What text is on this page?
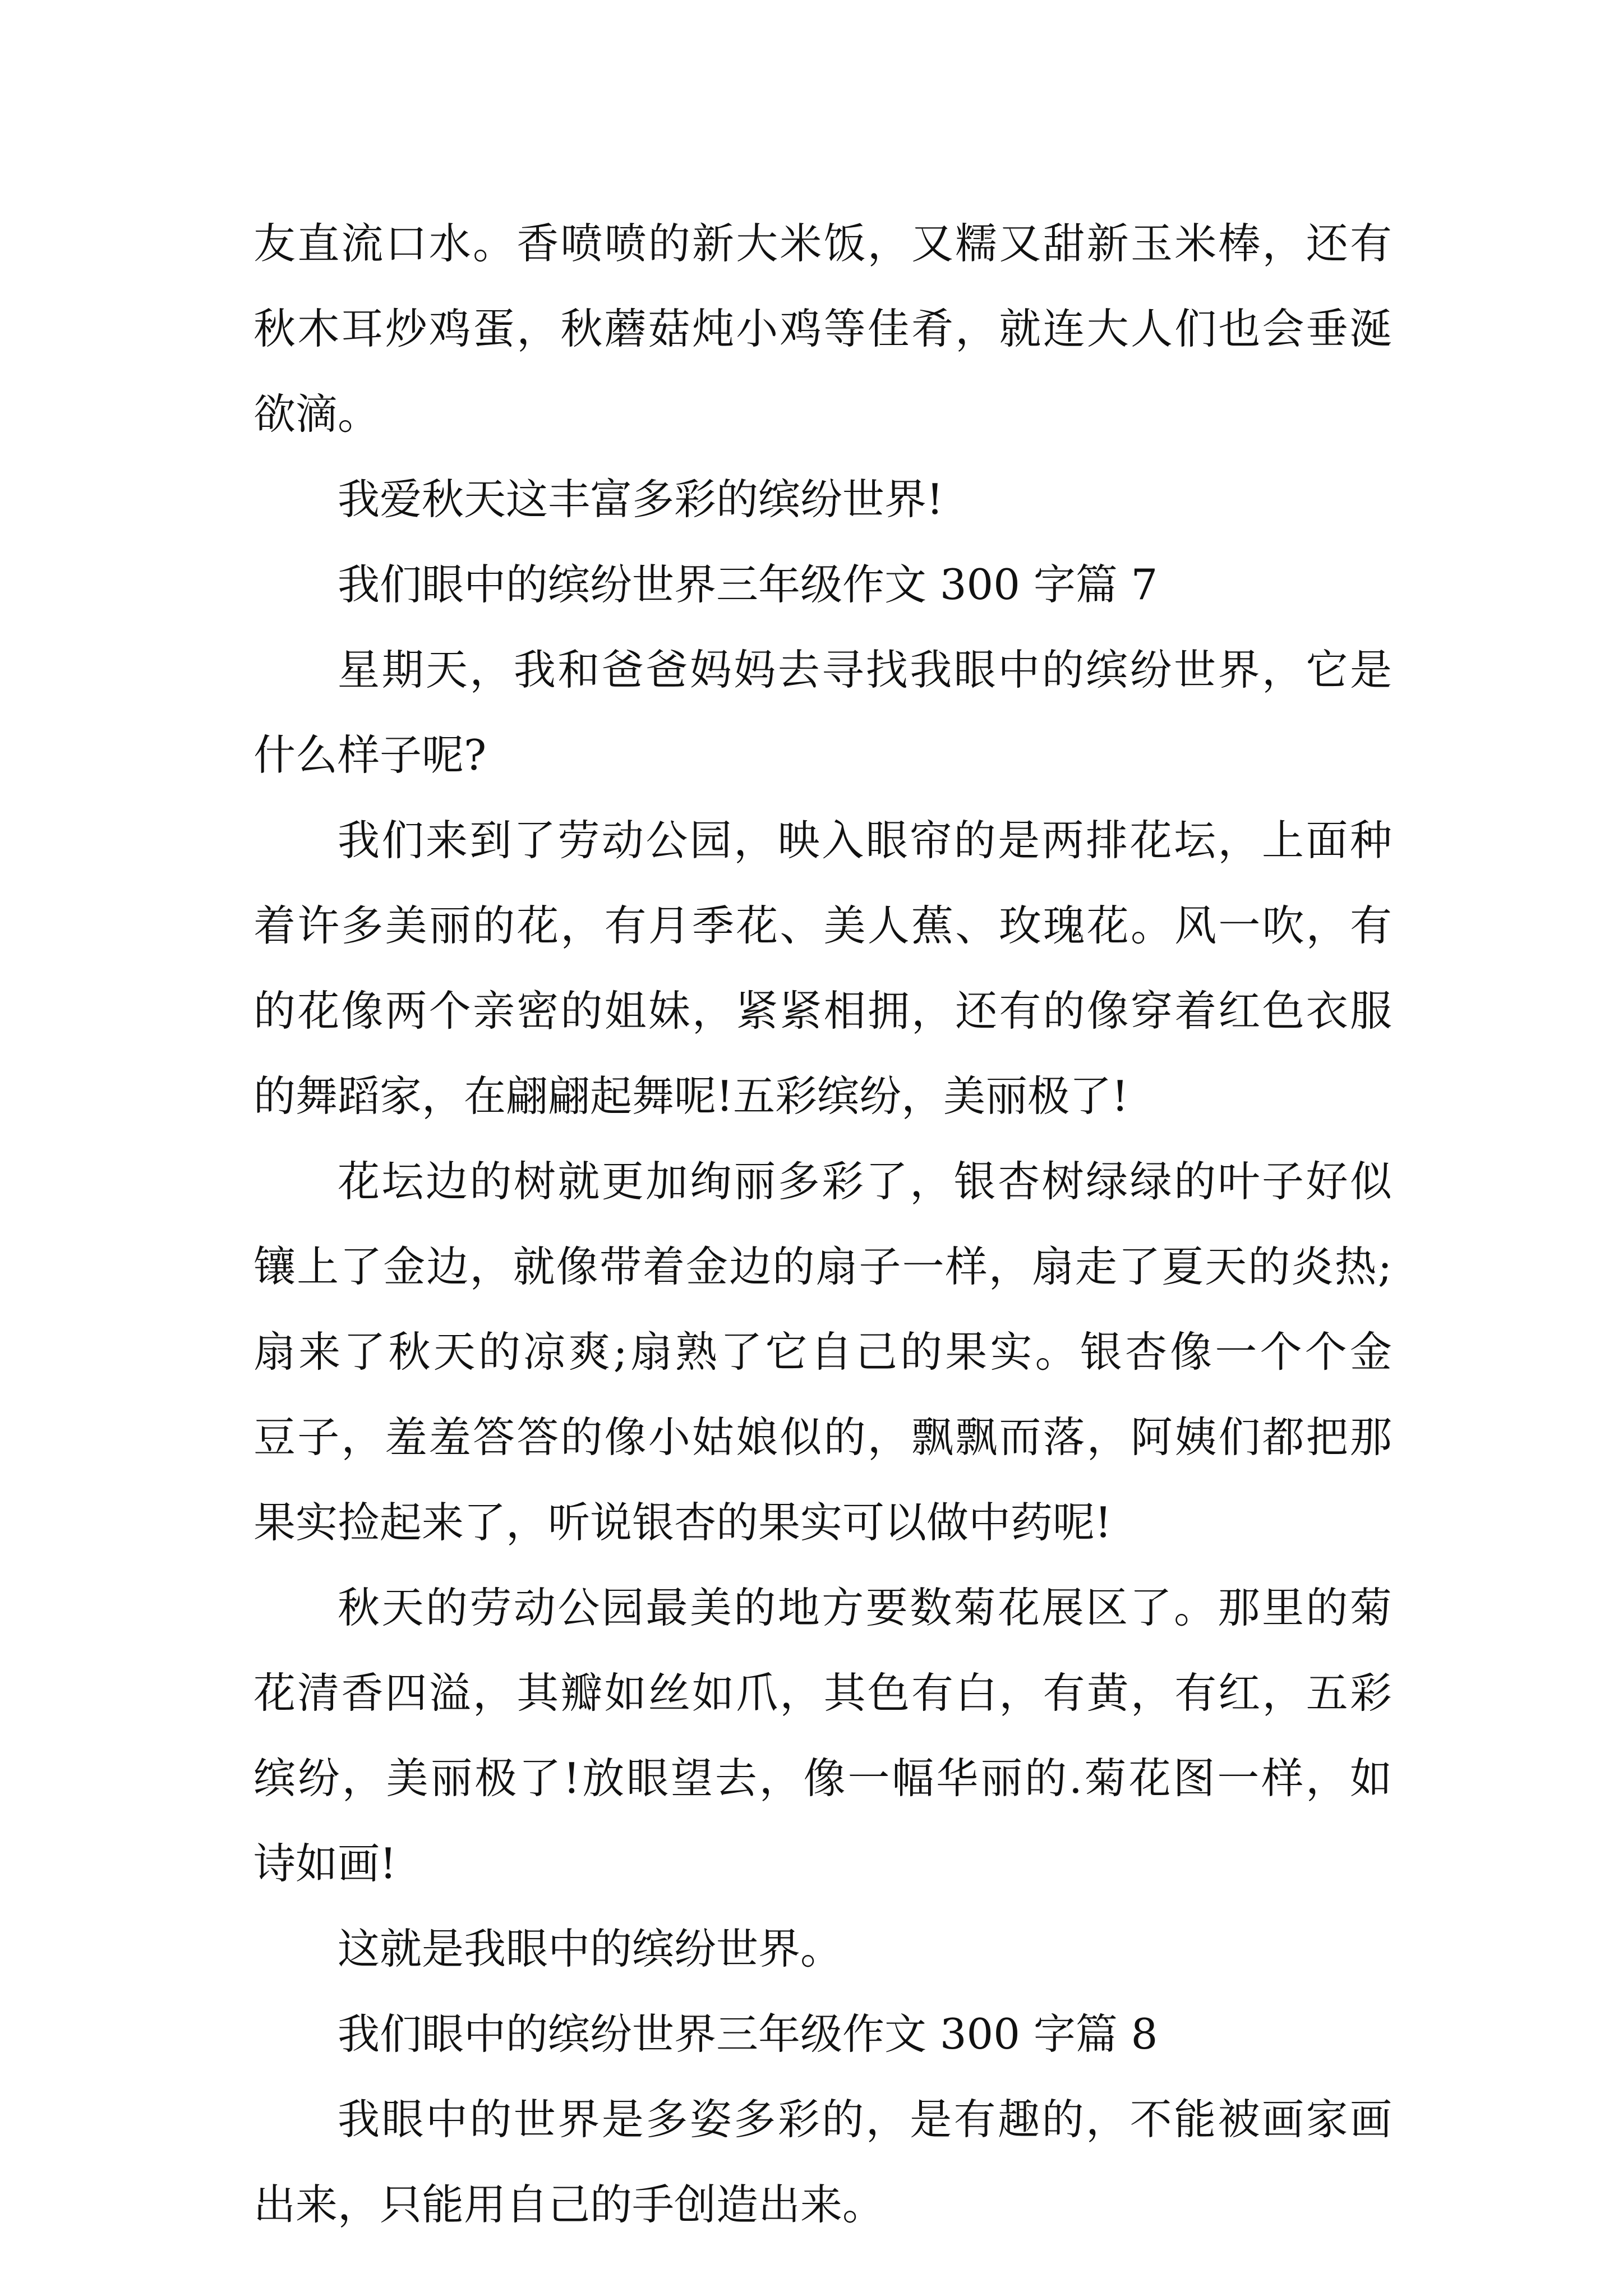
友直流口水。香喷喷的新大米饭，又糯又甜新玉米棒，还有
秋木耳炒鸡蛋，秋蘑菇炖小鸡等佳肴，就连大人们也会垂涎
欲滴。
我爱秋天这丰富多彩的缤纷世界!
我们眼中的缤纷世界三年级作文 300 字篇 7
星期天，我和爸爸妈妈去寻找我眼中的缤纷世界，它是
什么样子呢?
我们来到了劳动公园，映入眼帘的是两排花坛，上面种
着许多美丽的花，有月季花、美人蕉、玫瑰花。风一吹，有
的花像两个亲密的姐妹，紧紧相拥，还有的像穿着红色衣服
的舞蹈家，在翩翩起舞呢!五彩缤纷，美丽极了!
花坛边的树就更加绚丽多彩了，银杏树绿绿的叶子好似
镶上了金边，就像带着金边的扇子一样，扇走了夏天的炎热;
扇来了秋天的凉爽;扇熟了它自己的果实。银杏像一个个金
豆子，羞羞答答的像小姑娘似的，飘飘而落，阿姨们都把那
果实捡起来了，听说银杏的果实可以做中药呢!
秋天的劳动公园最美的地方要数菊花展区了。那里的菊
花清香四溢，其瓣如丝如爪，其色有白，有黄，有红，五彩
缤纷，美丽极了!放眼望去，像一幅华丽的.菊花图一样，如
诗如画!
这就是我眼中的缤纷世界。
我们眼中的缤纷世界三年级作文 300 字篇 8
我眼中的世界是多姿多彩的，是有趣的，不能被画家画
出来，只能用自己的手创造出来。
